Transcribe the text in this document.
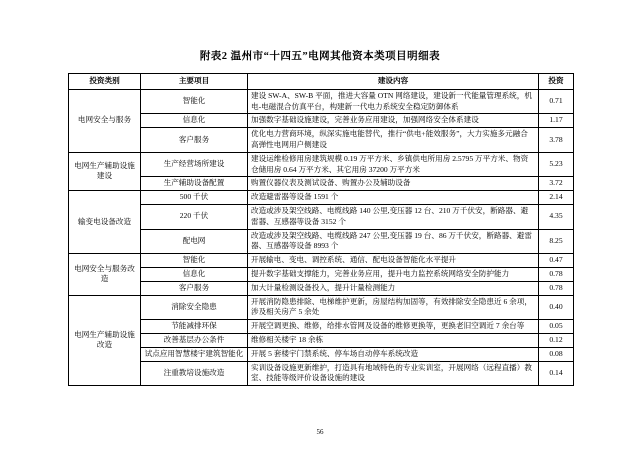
附表2 温州市“十四五”电网其他资本类项目明细表
投资类别	主要项目	建设内容	投资
电网安全与服务	智能化	建设 SW-A、SW-B 平面，推进大容量 OTN 网络建设，建设新一代能量管理系统，机电-电磁混合仿真平台，构建新一代电力系统安全稳定防御体系	0.71
	信息化	加强数字基础设施建设，完善业务应用建设，加强网络安全体系建设	1.17
	客户服务	优化电力营商环境，纵深实施电能替代，推行“供电+能效服务”，大力实施多元融合高弹性电网用户侧建设	3.78
电网生产辅助设施建设	生产经营场所建设	建设运维检修用房建筑规模 0.19 万平方米、乡镇供电所用房 2.5795 万平方米、物资仓储用房 0.64 万平方米、其它用房 37200 万平方米	5.23
	生产辅助设备配置	购置仪器仪表及测试设备、购置办公及辅助设备	3.72
输变电设备改造	500 千伏	改造避雷器等设备 1591 个	2.14
	220 千伏	改造或涉及架空线路、电缆线路 140 公里,变压器 12 台、210 万千伏安，断路器、避雷器、互感器等设备 3152 个	4.35
	配电网	改造或涉及架空线路、电缆线路 247 公里,变压器 19 台、86 万千伏安，断路器、避雷器、互感器等设备 8993 个	8.25
电网安全与服务改造	智能化	开展输电、变电、调控系统、通信、配电设备智能化水平提升	0.47
	信息化	提升数字基础支撑能力，完善业务应用，提升电力监控系统网络安全防护能力	0.78
	客户服务	加大计量检测设备投入，提升计量检测能力	0.78
电网生产辅助设施改造	消除安全隐患	开展消防隐患排除、电梯维护更新，房屋结构加固等，有效排除安全隐患近 6 余项，涉及相关房产 5 余处	0.40
	节能减排环保	开展空调更换、维修，给排水管网及设备的维修更换等，更换老旧空调近 7 余台等	0.05
	改善基层办公条件	维修相关楼宇 18 余栋	0.12
	试点应用智慧楼宇建筑智能化	开展 5 套楼宇门禁系统、停车场自动停车系统改造	0.08
	注重教培设施改造	实训设备设施更新维护，打造具有地域特色的专业实训室，开展网络（远程直播）教室、技能等级评价设备设施的建设	0.14
56
